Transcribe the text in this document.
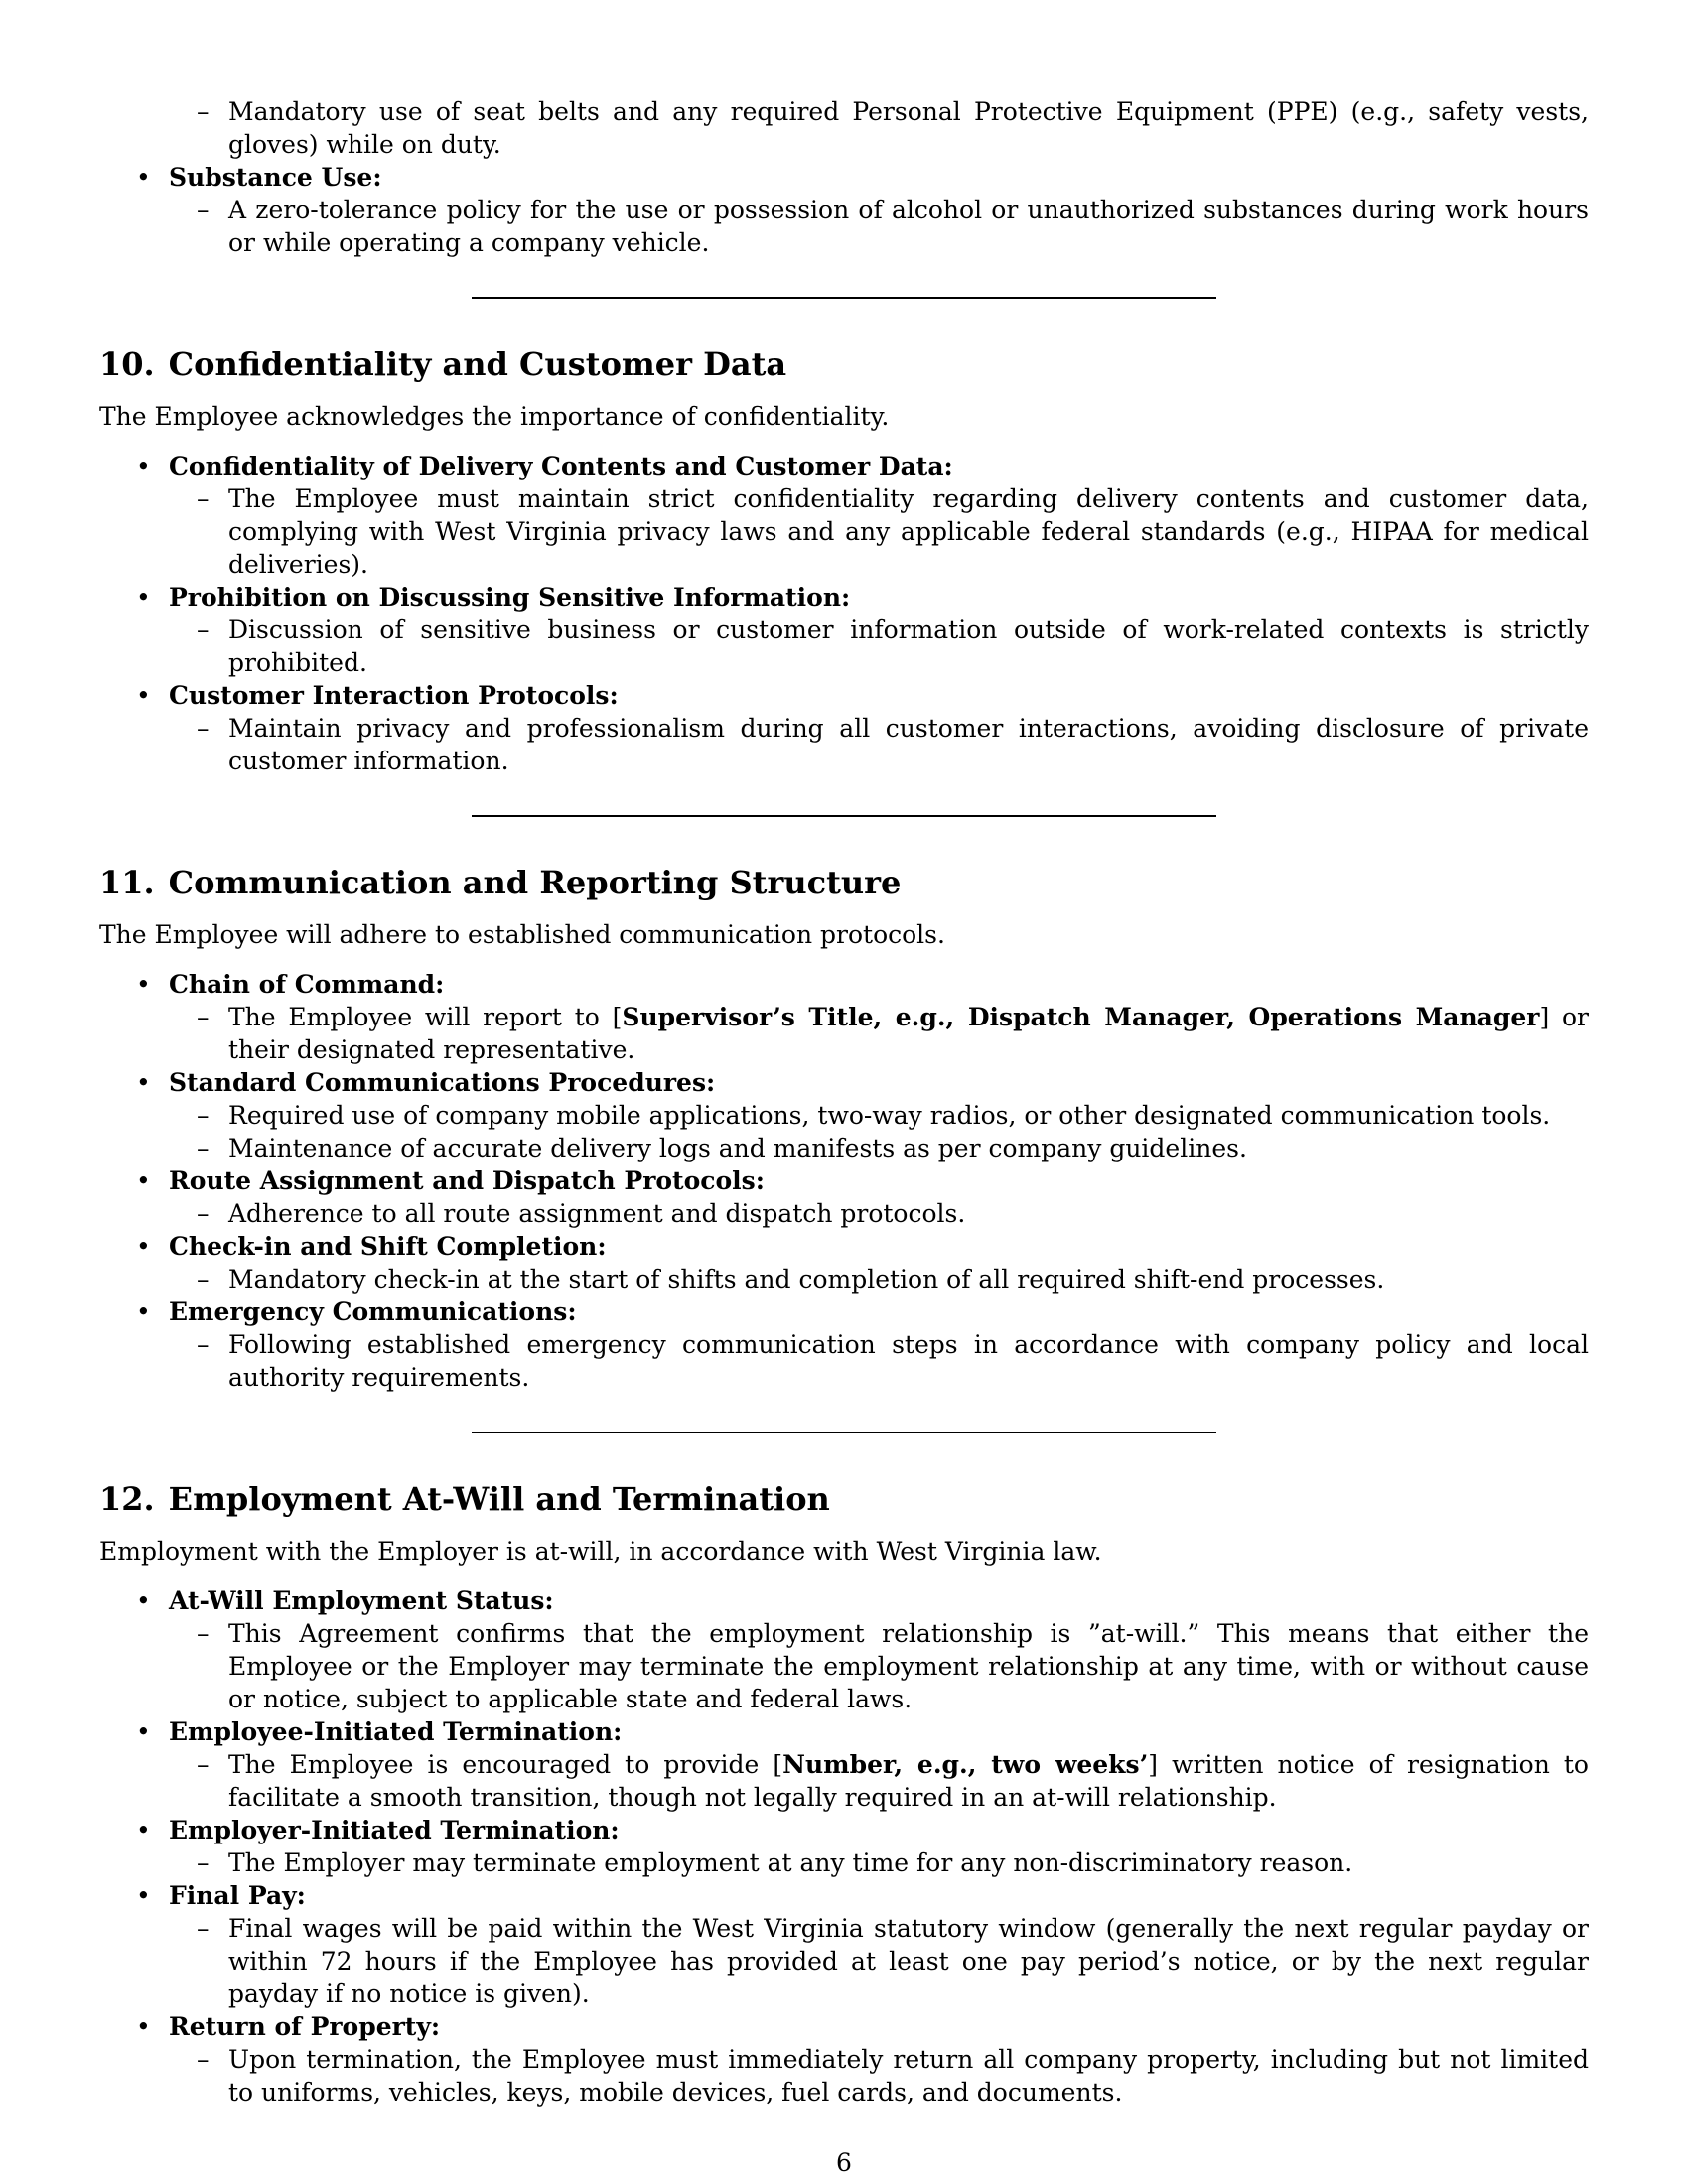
– Mandatory use of seat belts and any required Personal Protective Equipment (PPE) (e.g., safety vests, gloves) while on duty.
• Substance Use:
– A zero-tolerance policy for the use or possession of alcohol or unauthorized substances during work hours or while operating a company vehicle.
10. Confidentiality and Customer Data

The Employee acknowledges the importance of confidentiality.

• Confidentiality of Delivery Contents and Customer Data:
– The Employee must maintain strict confidentiality regarding delivery contents and customer data, complying with West Virginia privacy laws and any applicable federal standards (e.g., HIPAA for medical deliveries).
• Prohibition on Discussing Sensitive Information:
– Discussion of sensitive business or customer information outside of work-related contexts is strictly prohibited.
• Customer Interaction Protocols:
– Maintain privacy and professionalism during all customer interactions, avoiding disclosure of private customer information.
11. Communication and Reporting Structure

The Employee will adhere to established communication protocols.

• Chain of Command:
– The Employee will report to [Supervisor’s Title, e.g., Dispatch Manager, Operations Manager] or their designated representative.
• Standard Communications Procedures:
– Required use of company mobile applications, two-way radios, or other designated communication tools.
– Maintenance of accurate delivery logs and manifests as per company guidelines.
• Route Assignment and Dispatch Protocols:
– Adherence to all route assignment and dispatch protocols.
• Check-in and Shift Completion:
– Mandatory check-in at the start of shifts and completion of all required shift-end processes.
• Emergency Communications:
– Following established emergency communication steps in accordance with company policy and local authority requirements.
12. Employment At-Will and Termination

Employment with the Employer is at-will, in accordance with West Virginia law.

• At-Will Employment Status:
– This Agreement confirms that the employment relationship is ”at-will.” This means that either the Employee or the Employer may terminate the employment relationship at any time, with or without cause or notice, subject to applicable state and federal laws.
• Employee-Initiated Termination:
– The Employee is encouraged to provide [Number, e.g., two weeks’] written notice of resignation to facilitate a smooth transition, though not legally required in an at-will relationship.
• Employer-Initiated Termination:
– The Employer may terminate employment at any time for any non-discriminatory reason.
• Final Pay:
– Final wages will be paid within the West Virginia statutory window (generally the next regular payday or within 72 hours if the Employee has provided at least one pay period’s notice, or by the next regular payday if no notice is given).
• Return of Property:
– Upon termination, the Employee must immediately return all company property, including but not limited to uniforms, vehicles, keys, mobile devices, fuel cards, and documents.
6
